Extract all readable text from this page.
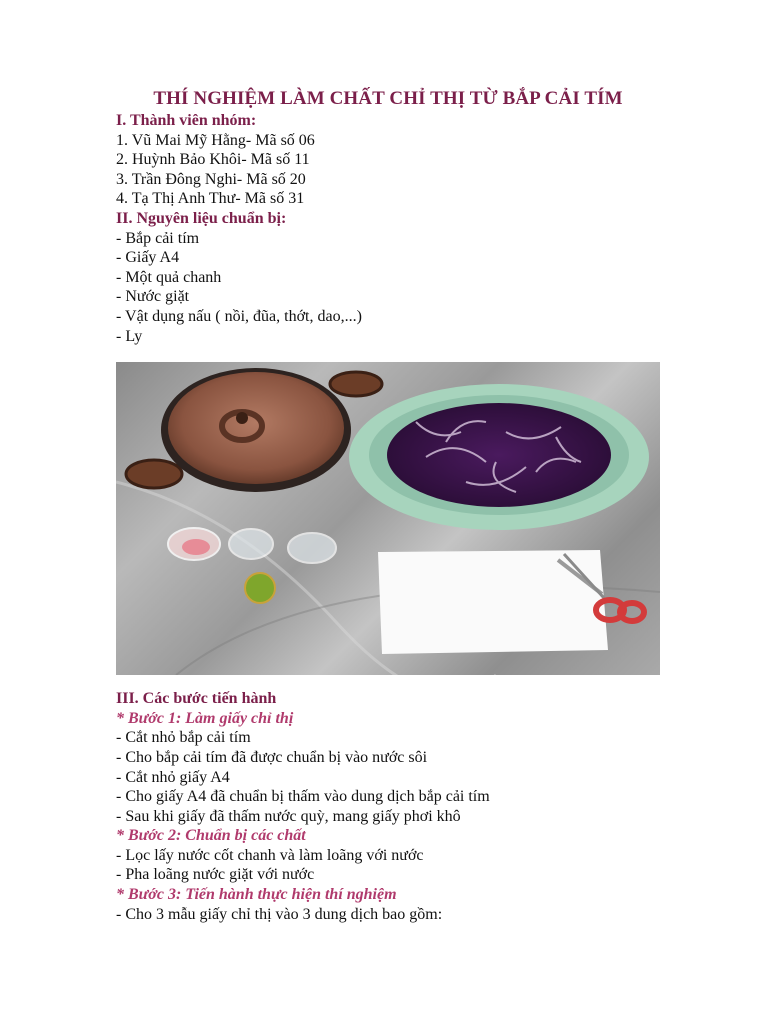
THÍ NGHIỆM LÀM CHẤT CHỈ THỊ TỪ BẮP CẢI TÍM
I. Thành viên nhóm:
1. Vũ Mai Mỹ Hằng- Mã số 06
2. Huỳnh Bảo Khôi- Mã số 11
3. Trần Đông Nghi- Mã số 20
4. Tạ Thị Anh Thư- Mã số 31
II. Nguyên liệu chuẩn bị:
- Bắp cải tím
- Giấy A4
- Một quả chanh
- Nước giặt
- Vật dụng nấu ( nồi, đũa, thớt, dao,...)
- Ly
III. Các bước tiến hành
* Bước 1: Làm giấy chỉ thị
- Cắt nhỏ bắp cải tím
- Cho bắp cải tím đã được chuẩn bị vào nước sôi
- Cắt nhỏ giấy A4
- Cho giấy A4 đã chuẩn bị thấm vào dung dịch bắp cải tím
- Sau khi giấy đã thấm nước quỳ, mang giấy phơi khô
* Bước 2: Chuẩn bị các chất
- Lọc lấy nước cốt chanh và làm loãng với nước
- Pha loãng nước giặt với nước
* Bước 3: Tiến hành thực hiện thí nghiệm
- Cho 3 mẫu giấy chỉ thị vào 3 dung dịch bao gồm:
